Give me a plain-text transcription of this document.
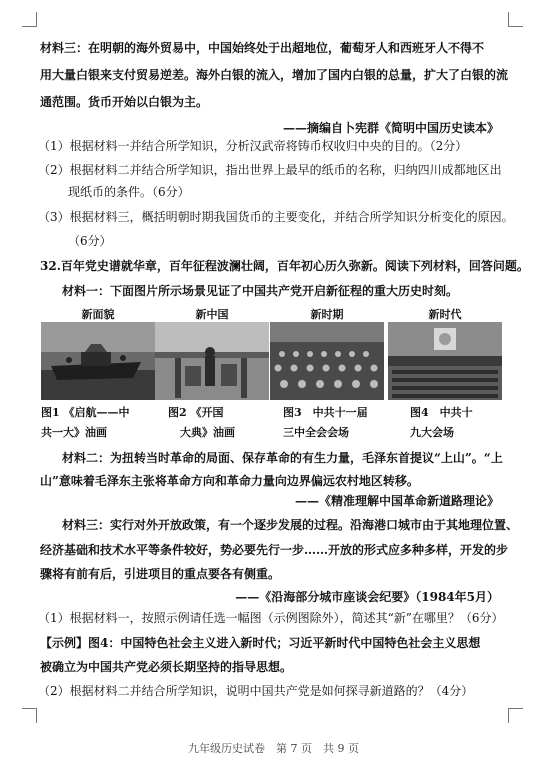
材料三：在明朝的海外贸易中，中国始终处于出超地位，葡萄牙人和西班牙人不得不
用大量白银来支付贸易逆差。海外白银的流入，增加了国内白银的总量，扩大了白银的流
通范围。货币开始以白银为主。
——摘编自卜宪群《简明中国历史读本》
（1）根据材料一并结合所学知识，分析汉武帝将铸币权收归中央的目的。（2分）
（2）根据材料二并结合所学知识，指出世界上最早的纸币的名称，归纳四川成都地区出
现纸币的条件。（6分）
（3）根据材料三，概括明朝时期我国货币的主要变化，并结合所学知识分析变化的原因。
（6分）
32.百年党史谱就华章，百年征程波澜壮阔，百年初心历久弥新。阅读下列材料，回答问题。
材料一：下面图片所示场景见证了中国共产党开启新征程的重大历史时刻。
新面貌	新中国	新时期	新时代
图1 《启航——中
共一大》油画
图2 《开国
大典》油画
图3　中共十一届
三中全会会场
图4　中共十
九大会场
材料二：为扭转当时革命的局面、保存革命的有生力量，毛泽东首提议“上山”。“上
山”意味着毛泽东主张将革命方向和革命力量向边界偏远农村地区转移。
——《精准理解中国革命新道路理论》
材料三：实行对外开放政策，有一个逐步发展的过程。沿海港口城市由于其地理位置、
经济基础和技术水平等条件较好，势必要先行一步……开放的形式应多种多样，开发的步
骤将有前有后，引进项目的重点要各有侧重。
——《沿海部分城市座谈会纪要》（1984年5月）
（1）根据材料一，按照示例请任选一幅图（示例图除外），简述其“新”在哪里？（6分）
【示例】图4：中国特色社会主义进入新时代；习近平新时代中国特色社会主义思想
被确立为中国共产党必须长期坚持的指导思想。
（2）根据材料二并结合所学知识，说明中国共产党是如何探寻新道路的？（4分）
九年级历史试卷　第 7 页　共 9 页
